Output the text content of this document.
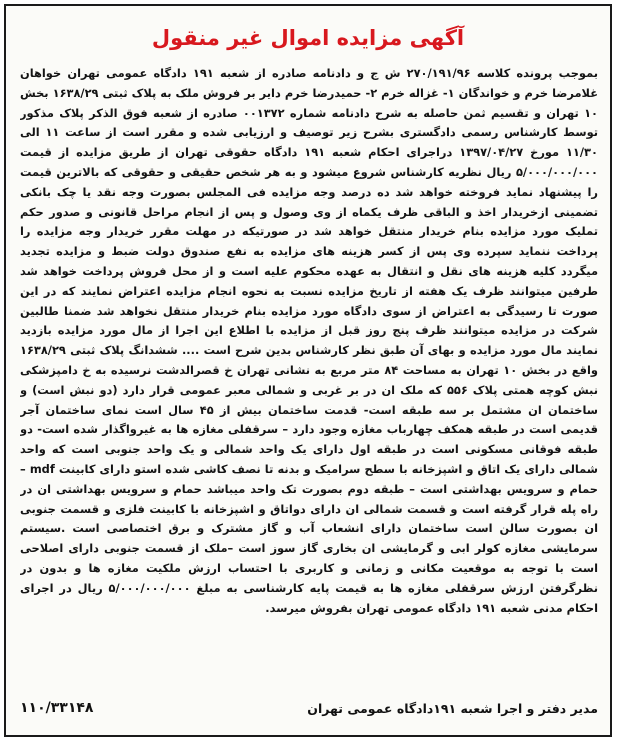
آگهی مزایده اموال غیر منقول
بموجب پرونده کلاسه ۲۷۰/۱۹۱/۹۶ ش ج و دادنامه صادره از شعبه ۱۹۱ دادگاه عمومی تهران خواهان غلامرضا خرم و خواندگان ۱- غزاله خرم ۲- حمیدرضا خرم دایر بر فروش ملک به پلاک ثبتی ۱۶۳۸/۲۹ بخش ۱۰ تهران و تقسیم ثمن حاصله به شرح دادنامه شماره ۰۰۱۳۷۲ صادره از شعبه فوق الذکر پلاک مذکور توسط کارشناس رسمی دادگستری بشرح زیر توصیف و ارزیابی شده و مقرر است از ساعت ۱۱ الی ۱۱/۳۰ مورخ ۱۳۹۷/۰۴/۲۷ دراجرای احکام شعبه ۱۹۱ دادگاه حقوقی تهران از طریق مزایده از قیمت ۵/۰۰۰/۰۰۰/۰۰۰ ریال نظریه کارشناس شروع میشود و به هر شخص حقیقی و حقوقی که بالاترین قیمت را پیشنهاد نماید فروخته خواهد شد ده درصد وجه مزایده فی المجلس بصورت وجه نقد یا چک بانکی تضمینی ازخریدار اخذ و الباقی ظرف یکماه از وی وصول و پس از انجام مراحل قانونی و صدور حکم تملیک مورد مزایده بنام خریدار منتقل خواهد شد در صورتیکه در مهلت مقرر خریدار وجه مزایده را پرداخت ننماید سپرده وی پس از کسر هزینه های مزایده به نفع صندوق دولت ضبط و مزایده تجدید میگردد کلیه هزینه های نقل و انتقال به عهده محکوم علیه است و از محل فروش پرداخت خواهد شد طرفین میتوانند ظرف یک هفته از تاریخ مزایده نسبت به نحوه انجام مزایده اعتراض نمایند که در این صورت تا رسیدگی به اعتراض از سوی دادگاه مورد مزایده بنام خریدار منتقل نخواهد شد ضمنا طالبین شرکت در مزایده میتوانند ظرف پنج روز قبل از مزایده با اطلاع این اجرا از مال مورد مزایده بازدید نمایند مال مورد مزایده و بهای آن طبق نظر کارشناس بدین شرح است .... ششدانگ پلاک ثبتی ۱۶۳۸/۲۹ واقع در بخش ۱۰ تهران به مساحت ۸۴ متر مربع به نشانی تهران خ قصرالدشت نرسیده به خ دامپزشکی نبش کوچه همتی پلاک ۵۵۶ که ملک ان در بر غربی و شمالی معبر عمومی قرار دارد (دو نبش است) و ساختمان ان مشتمل بر سه طبقه است- قدمت ساختمان بیش از ۴۵ سال است نمای ساختمان آجر قدیمی است در طبقه همکف چهارباب مغازه وجود دارد – سرقفلی مغازه ها به غیرواگذار شده است- دو طبقه فوقانی مسکونی است در طبقه اول دارای یک واحد شمالی و یک واحد جنوبی است که واحد شمالی دارای یک اتاق و اشپزخانه با سطح سرامیک و بدنه تا نصف کاشی شده استو دارای کابینت mdf – حمام و سرویس بهداشتی است – طبقه دوم بصورت تک واحد میباشد حمام و سرویس بهداشتی ان در راه پله قرار گرفته است و قسمت شمالی ان دارای دواتاق و اشپزخانه با کابینت فلزی و قسمت جنوبی ان بصورت سالن است ساختمان دارای انشعاب آب و گاز مشترک و برق اختصاصی است .سیستم سرمایشی مغازه کولر ابی و گرمایشی ان بخاری گاز سوز است –ملک از قسمت جنوبی دارای اصلاحی است با توجه به موقعیت مکانی و زمانی و کاربری با احتساب ارزش ملکیت مغازه ها و بدون در نظرگرفتن ارزش سرقفلی مغازه ها به قیمت پایه کارشناسی به مبلغ ۵/۰۰۰/۰۰۰/۰۰۰ ریال در اجرای احکام مدنی شعبه ۱۹۱ دادگاه عمومی تهران بفروش میرسد.
مدیر دفتر و اجرا شعبه ۱۹۱دادگاه عمومی تهران
۱۱۰/۳۳۱۴۸
